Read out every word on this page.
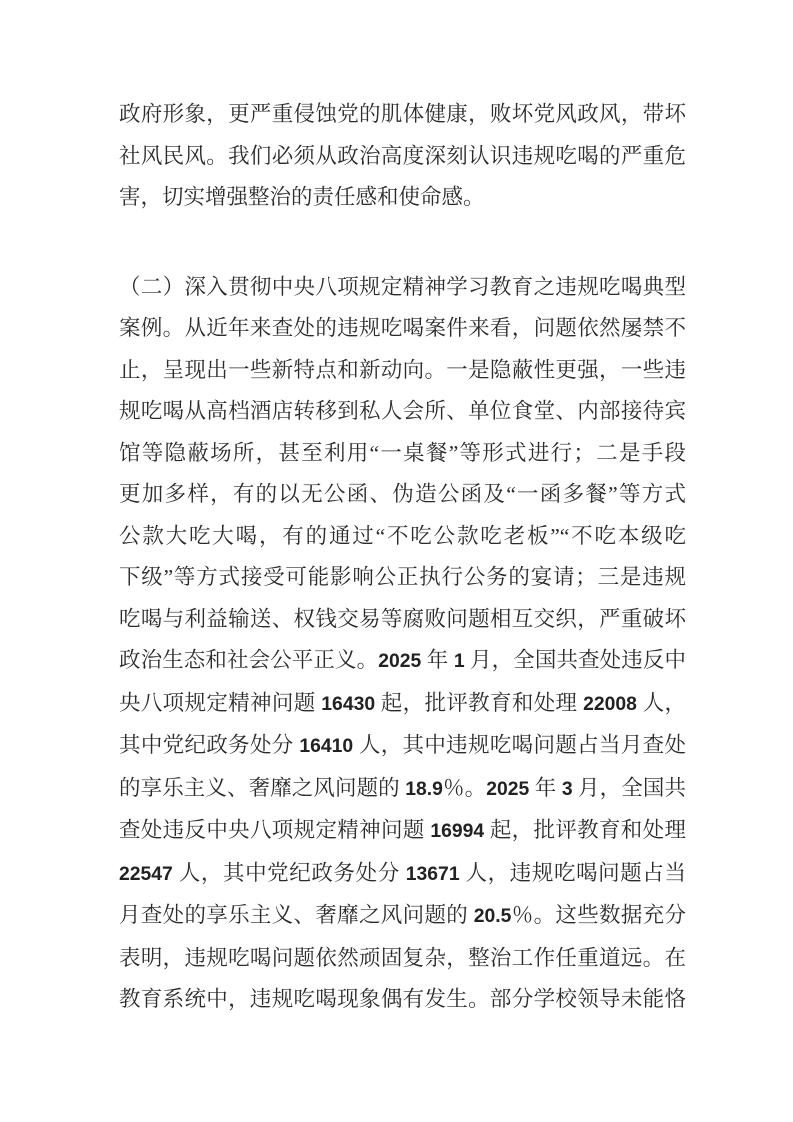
政府形象，更严重侵蚀党的肌体健康，败坏党风政风，带坏
社风民风。我们必须从政治高度深刻认识违规吃喝的严重危
害，切实增强整治的责任感和使命感。
（二）深入贯彻中央八项规定精神学习教育之违规吃喝典型
案例。从近年来查处的违规吃喝案件来看，问题依然屡禁不
止，呈现出一些新特点和新动向。一是隐蔽性更强，一些违
规吃喝从高档酒店转移到私人会所、单位食堂、内部接待宾
馆等隐蔽场所，甚至利用“一桌餐”等形式进行；二是手段
更加多样，有的以无公函、伪造公函及“一函多餐”等方式
公款大吃大喝，有的通过“不吃公款吃老板”“不吃本级吃
下级”等方式接受可能影响公正执行公务的宴请；三是违规
吃喝与利益输送、权钱交易等腐败问题相互交织，严重破坏
政治生态和社会公平正义。2025 年 1 月，全国共查处违反中
央八项规定精神问题 16430 起，批评教育和处理 22008 人，
其中党纪政务处分 16410 人，其中违规吃喝问题占当月查处
的享乐主义、奢靡之风问题的 18.9％。2025 年 3 月，全国共
查处违反中央八项规定精神问题 16994 起，批评教育和处理
22547 人，其中党纪政务处分 13671 人，违规吃喝问题占当
月查处的享乐主义、奢靡之风问题的 20.5％。这些数据充分
表明，违规吃喝问题依然顽固复杂，整治工作任重道远。在
教育系统中，违规吃喝现象偶有发生。部分学校领导未能恪
